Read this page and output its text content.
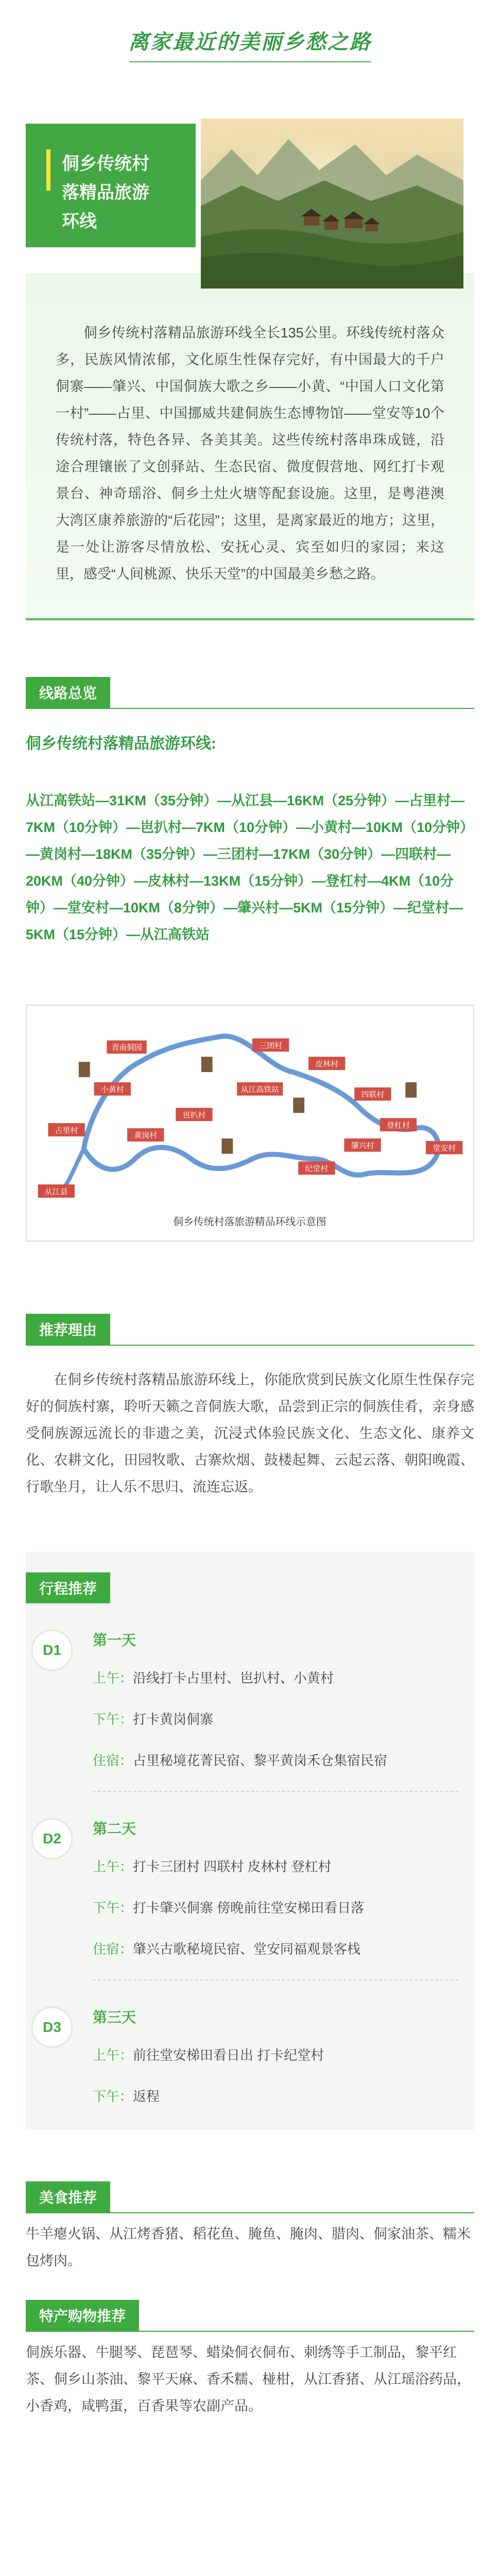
离家最近的美丽乡愁之路
侗乡传统村
落精品旅游
环线

侗乡传统村落精品旅游环线全长135公里。环线传统村落众多，民族风情浓郁，文化原生性保存完好，有中国最大的千户侗寨——肇兴、中国侗族大歌之乡——小黄、“中国人口文化第一村”——占里、中国挪威共建侗族生态博物馆——堂安等10个传统村落，特色各异、各美其美。这些传统村落串珠成链，沿途合理镶嵌了文创驿站、生态民宿、微度假营地、网红打卡观景台、神奇瑶浴、侗乡土灶火塘等配套设施。这里，是粤港澳大湾区康养旅游的“后花园”；这里，是离家最近的地方；这里，是一处让游客尽情放松、安抚心灵、宾至如归的家园；来这里，感受“人间桃源、快乐天堂”的中国最美乡愁之路。

线路总览
侗乡传统村落精品旅游环线:
从江高铁站—31KM（35分钟）—从江县—16KM（25分钟）—占里村—7KM（10分钟）—岜扒村—7KM（10分钟）—小黄村—10KM（10分钟）—黄岗村—18KM（35分钟）—三团村—17KM（30分钟）—四联村—20KM（40分钟）—皮林村—13KM（15分钟）—登杠村—4KM（10分钟）—堂安村—10KM（8分钟）—肇兴村—5KM（15分钟）—纪堂村—5KM（15分钟）—从江高铁站
青南侗园	三团村
皮林村
从江高铁站
小黄村
四联村
岜扒村
占里村
黄岗村
登杠村
肇兴村	堂安村
纪堂村
从江县
侗乡传统村落旅游精品环线示意图
推荐理由

在侗乡传统村落精品旅游环线上，你能欣赏到民族文化原生性保存完好的侗族村寨，聆听天籁之音侗族大歌，品尝到正宗的侗族佳肴，亲身感受侗族源远流长的非遗之美，沉浸式体验民族文化、生态文化、康养文化、农耕文化，田园牧歌、古寨炊烟、鼓楼起舞、云起云落、朝阳晚霞、行歌坐月，让人乐不思归、流连忘返。

行程推荐
D1
第一天
上午： 沿线打卡占里村、岜扒村、小黄村
下午： 打卡黄岗侗寨
住宿： 占里秘境花菁民宿、黎平黄岗禾仓集宿民宿
D2
第二天
上午： 打卡三团村 四联村 皮林村 登杠村
下午： 打卡肇兴侗寨 傍晚前往堂安梯田看日落
住宿： 肇兴古歌秘境民宿、堂安同福观景客栈
D3
第三天
上午： 前往堂安梯田看日出 打卡纪堂村
下午： 返程
美食推荐

牛羊瘪火锅、从江烤香猪、稻花鱼、腌鱼、腌肉、腊肉、侗家油茶、糯米包烤肉。

特产购物推荐

侗族乐器、牛腿琴、琵琶琴、蜡染侗衣侗布、刺绣等手工制品，黎平红茶、侗乡山茶油、黎平天麻、香禾糯、椪柑，从江香猪、从江瑶浴药品，小香鸡，咸鸭蛋，百香果等农副产品。
